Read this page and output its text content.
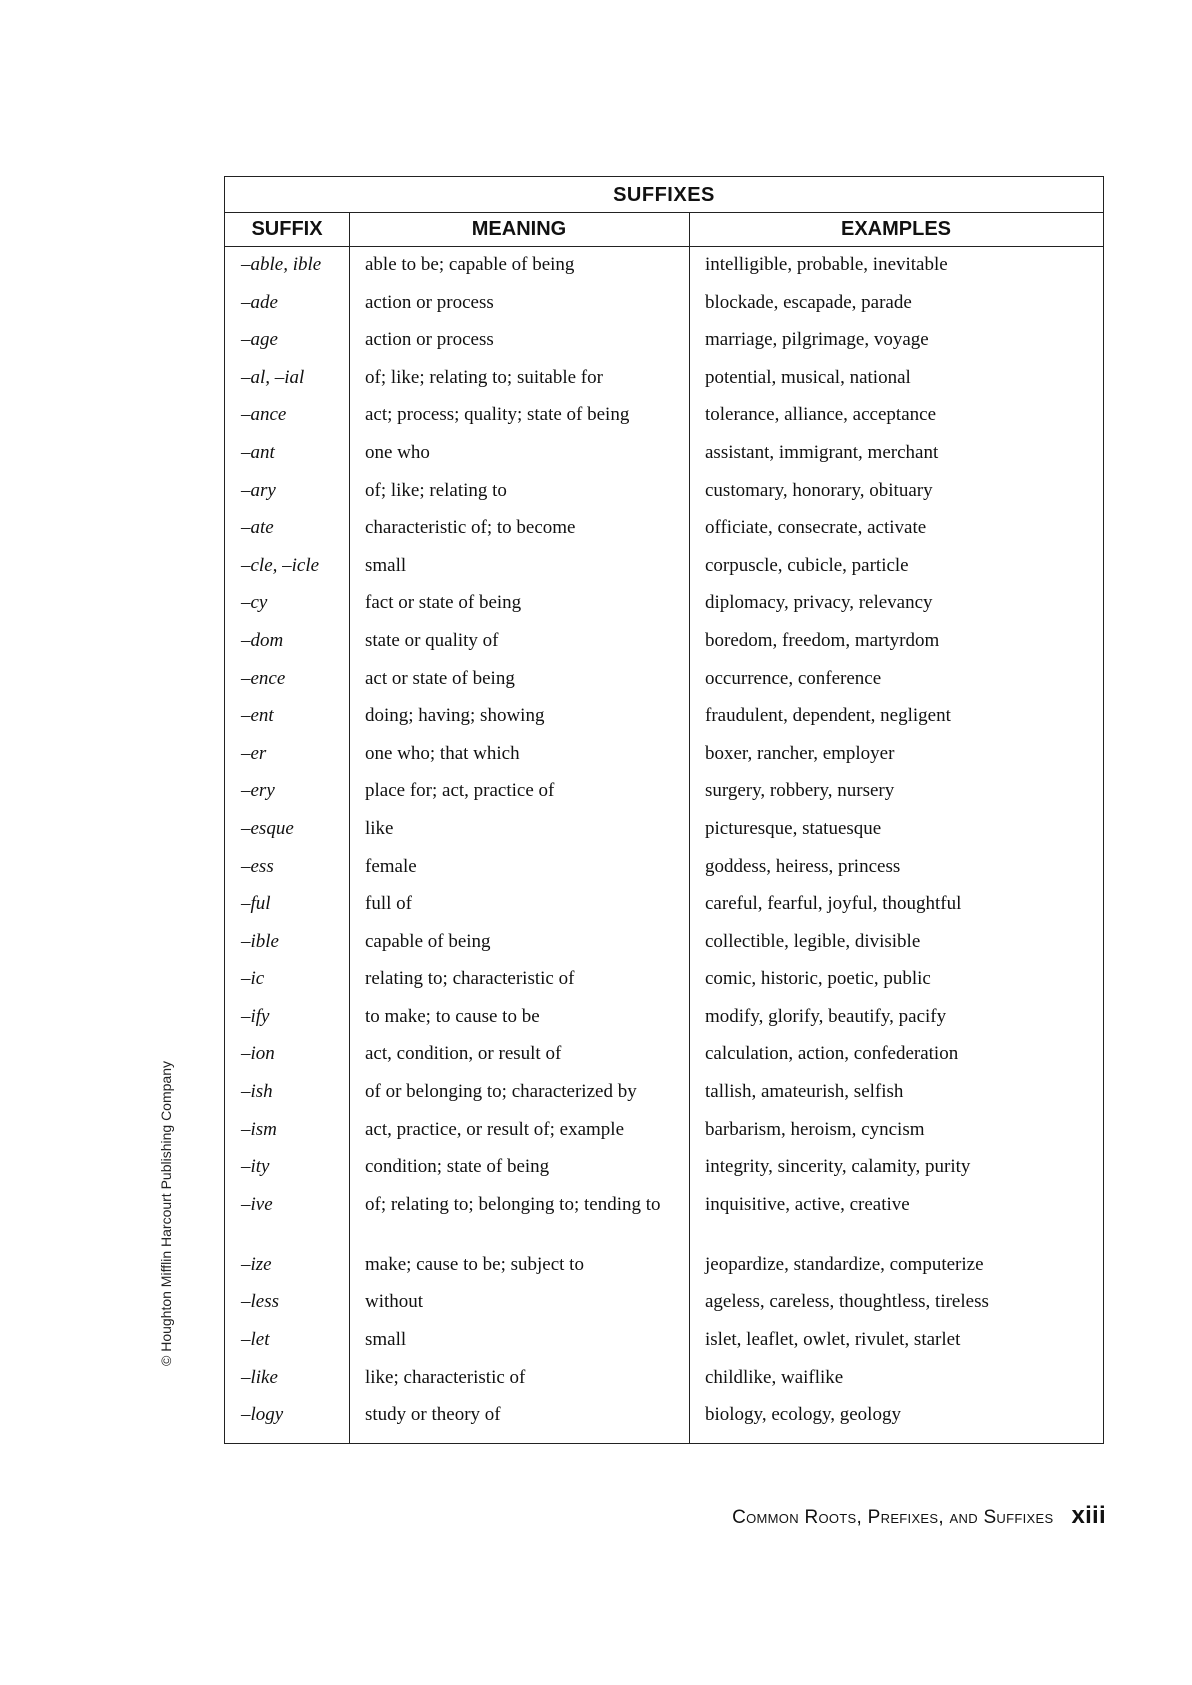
SUFFIXES
SUFFIX	MEANING	EXAMPLES
–able, ible	able to be; capable of being	intelligible, probable, inevitable
–ade	action or process	blockade, escapade, parade
–age	action or process	marriage, pilgrimage, voyage
–al, –ial	of; like; relating to; suitable for	potential, musical, national
–ance	act; process; quality; state of being	tolerance, alliance, acceptance
–ant	one who	assistant, immigrant, merchant
–ary	of; like; relating to	customary, honorary, obituary
–ate	characteristic of; to become	officiate, consecrate, activate
–cle, –icle	small	corpuscle, cubicle, particle
–cy	fact or state of being	diplomacy, privacy, relevancy
–dom	state or quality of	boredom, freedom, martyrdom
–ence	act or state of being	occurrence, conference
–ent	doing; having; showing	fraudulent, dependent, negligent
–er	one who; that which	boxer, rancher, employer
–ery	place for; act, practice of	surgery, robbery, nursery
–esque	like	picturesque, statuesque
–ess	female	goddess, heiress, princess
–ful	full of	careful, fearful, joyful, thoughtful
–ible	capable of being	collectible, legible, divisible
–ic	relating to; characteristic of	comic, historic, poetic, public
–ify	to make; to cause to be	modify, glorify, beautify, pacify
–ion	act, condition, or result of	calculation, action, confederation
–ish	of or belonging to; characterized by	tallish, amateurish, selfish
–ism	act, practice, or result of; example	barbarism, heroism, cyncism
–ity	condition; state of being	integrity, sincerity, calamity, purity
–ive	of; relating to; belonging to; tending to	inquisitive, active, creative
–ize	make; cause to be; subject to	jeopardize, standardize, computerize
–less	without	ageless, careless, thoughtless, tireless
–let	small	islet, leaflet, owlet, rivulet, starlet
–like	like; characteristic of	childlike, waiflike
–logy	study or theory of	biology, ecology, geology
© Houghton Mifflin Harcourt Publishing Company
Common Roots, Prefixes, and Suffixes xiii
